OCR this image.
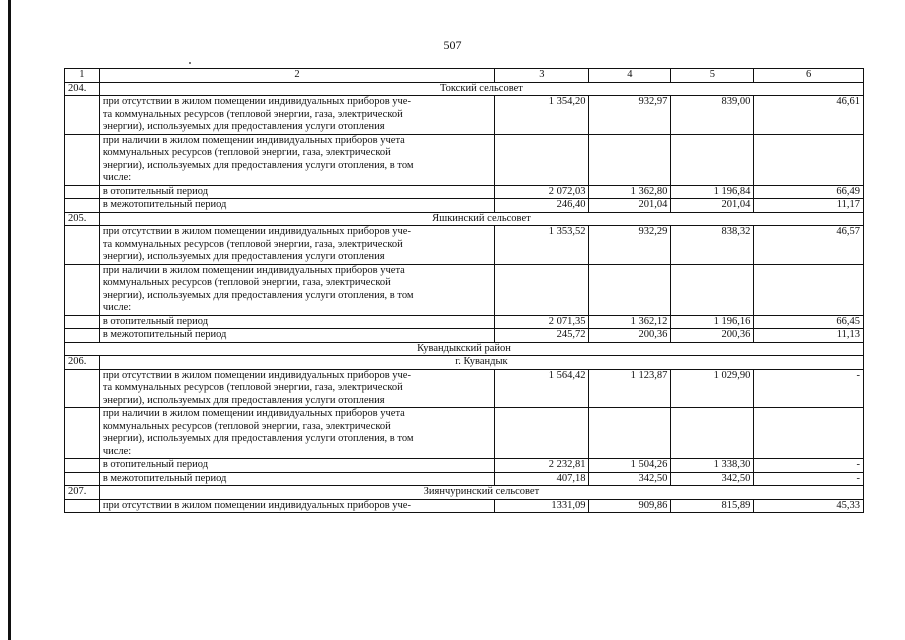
507
1	2	3	4	5	6
204.	Токский сельсовет				

	при отсутствии в жилом помещении индивидуальных приборов уче-
та коммунальных ресурсов (тепловой энергии, газа, электрической
энергии), используемых для предоставления услуги отопления	1 354,20	932,97	839,00	46,61

	при наличии в жилом помещении индивидуальных приборов учета
коммунальных ресурсов (тепловой энергии, газа, электрической
энергии), используемых для предоставления услуги отопления, в том
числе:				

	в отопительный период	2 072,03	1 362,80	1 196,84	66,49
	в межотопительный период	246,40	201,04	201,04	11,17
205.	Яшкинский сельсовет				

	при отсутствии в жилом помещении индивидуальных приборов уче-
та коммунальных ресурсов (тепловой энергии, газа, электрической
энергии), используемых для предоставления услуги отопления	1 353,52	932,29	838,32	46,57

	при наличии в жилом помещении индивидуальных приборов учета
коммунальных ресурсов (тепловой энергии, газа, электрической
энергии), используемых для предоставления услуги отопления, в том
числе:				

	в отопительный период	2 071,35	1 362,12	1 196,16	66,45
	в межотопительный период	245,72	200,36	200,36	11,13
Кувандыкский район					
206.	г. Кувандык				

	при отсутствии в жилом помещении индивидуальных приборов уче-
та коммунальных ресурсов (тепловой энергии, газа, электрической
энергии), используемых для предоставления услуги отопления	1 564,42	1 123,87	1 029,90	-

	при наличии в жилом помещении индивидуальных приборов учета
коммунальных ресурсов (тепловой энергии, газа, электрической
энергии), используемых для предоставления услуги отопления, в том
числе:				

	в отопительный период	2 232,81	1 504,26	1 338,30	-
	в межотопительный период	407,18	342,50	342,50	-
207.	Зиянчуринский сельсовет				
	при отсутствии в жилом помещении индивидуальных приборов уче-	1331,09	909,86	815,89	45,33
